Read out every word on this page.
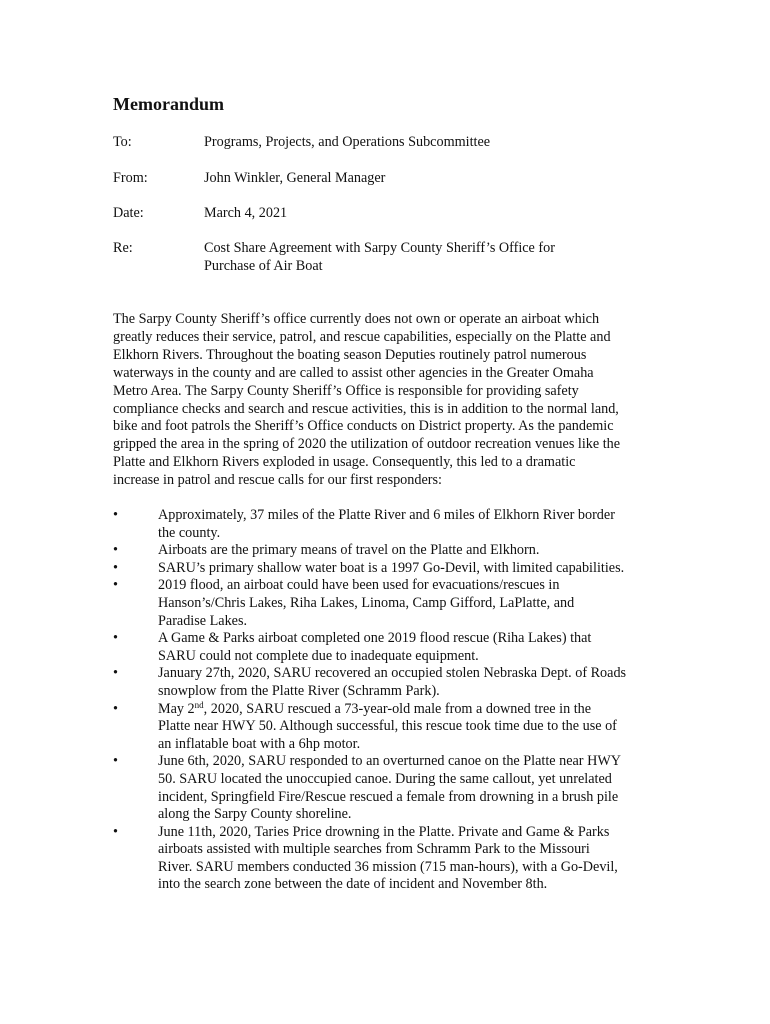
Memorandum
To:	Programs, Projects, and Operations Subcommittee
From:	John Winkler, General Manager
Date:	March 4, 2021
Re:	Cost Share Agreement with Sarpy County Sheriff’s Office for
Purchase of Air Boat

The Sarpy County Sheriff’s office currently does not own or operate an airboat which
greatly reduces their service, patrol, and rescue capabilities, especially on the Platte and
Elkhorn Rivers. Throughout the boating season Deputies routinely patrol numerous
waterways in the county and are called to assist other agencies in the Greater Omaha
Metro Area. The Sarpy County Sheriff’s Office is responsible for providing safety
compliance checks and search and rescue activities, this is in addition to the normal land,
bike and foot patrols the Sheriff’s Office conducts on District property. As the pandemic
gripped the area in the spring of 2020 the utilization of outdoor recreation venues like the
Platte and Elkhorn Rivers exploded in usage. Consequently, this led to a dramatic
increase in patrol and rescue calls for our first responders:

•	Approximately, 37 miles of the Platte River and 6 miles of Elkhorn River border
the county.
•	Airboats are the primary means of travel on the Platte and Elkhorn.
•	SARU’s primary shallow water boat is a 1997 Go-Devil, with limited capabilities.
•	2019 flood, an airboat could have been used for evacuations/rescues in
Hanson’s/Chris Lakes, Riha Lakes, Linoma, Camp Gifford, LaPlatte, and
Paradise Lakes.
•	A Game & Parks airboat completed one 2019 flood rescue (Riha Lakes) that
SARU could not complete due to inadequate equipment.
•	January 27th, 2020, SARU recovered an occupied stolen Nebraska Dept. of Roads
snowplow from the Platte River (Schramm Park).
•	May 2nd, 2020, SARU rescued a 73-year-old male from a downed tree in the
Platte near HWY 50. Although successful, this rescue took time due to the use of
an inflatable boat with a 6hp motor.
•	June 6th, 2020, SARU responded to an overturned canoe on the Platte near HWY
50. SARU located the unoccupied canoe. During the same callout, yet unrelated
incident, Springfield Fire/Rescue rescued a female from drowning in a brush pile
along the Sarpy County shoreline.
•	June 11th, 2020, Taries Price drowning in the Platte. Private and Game & Parks
airboats assisted with multiple searches from Schramm Park to the Missouri
River. SARU members conducted 36 mission (715 man-hours), with a Go-Devil,
into the search zone between the date of incident and November 8th.
